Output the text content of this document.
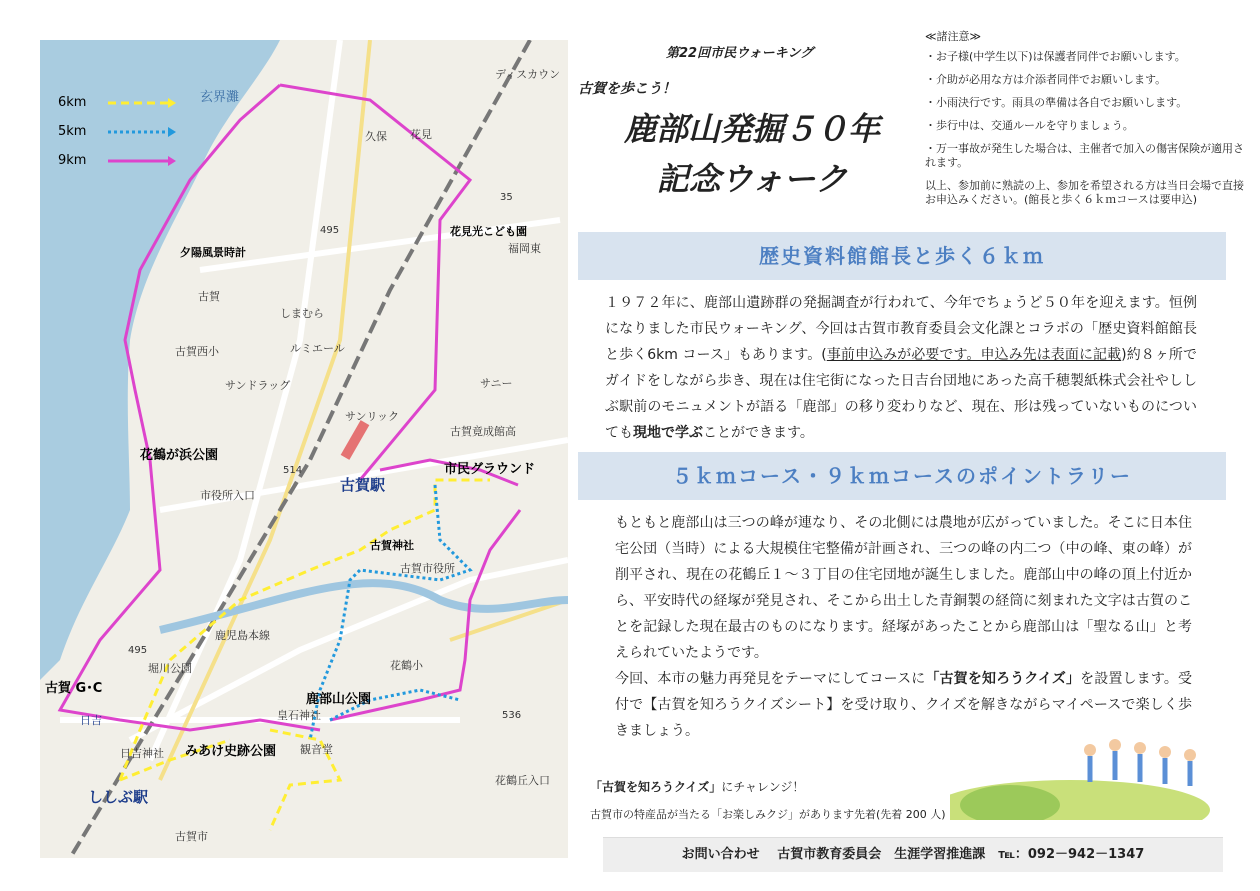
6km
5km
9km
玄界灘
ディスカウン
久保 花見
花見光こども園
福岡東
夕陽風景時計
古賀
しまむら
ルミエール
古賀西小
サンドラッグ	サニー
サンリック
花鶴が浜公園
古賀竟成館高
市民グラウンド
古賀駅
市役所入口
古賀神社
古賀市役所
鹿児島本線
堀川公園	花鶴小
古賀 G･C
鹿部山公園
皇石神社
日吉
日吉神社 みあけ史跡公園 観音堂
花鶴丘入口
ししぶ駅
古賀市
495
495
514
35
536
第22回市民ウォーキング
古賀を歩こう！
鹿部山発掘５０年
記念ウォーク
≪諸注意≫
・お子様(中学生以下)は保護者同伴でお願いします。
・介助が必用な方は介添者同伴でお願いします。
・小雨決行です。雨具の準備は各自でお願いします。
・歩行中は、交通ルールを守りましょう。
・万一事故が発生した場合は、主催者で加入の傷害保険が適用されます。
以上、参加前に熟読の上、参加を希望される方は当日会場で直接お申込みください。(館長と歩く６ｋｍコースは要申込)
歴史資料館館長と歩く６ｋｍ
１９７２年に、鹿部山遺跡群の発掘調査が行われて、今年でちょうど５０年を迎えます。恒例になりました市民ウォーキング、今回は古賀市教育委員会文化課とコラボの「歴史資料館館長と歩く6km コース」もあります。(事前申込みが必要です。申込み先は表面に記載)約８ヶ所でガイドをしながら歩き、現在は住宅街になった日吉台団地にあった高千穂製紙株式会社やししぶ駅前のモニュメントが語る「鹿部」の移り変わりなど、現在、形は残っていないものについても現地で学ぶことができます。
５ｋｍコース・９ｋｍコースのポイントラリー
もともと鹿部山は三つの峰が連なり、その北側には農地が広がっていました。そこに日本住宅公団（当時）による大規模住宅整備が計画され、三つの峰の内二つ（中の峰、東の峰）が削平され、現在の花鶴丘１～３丁目の住宅団地が誕生しました。鹿部山中の峰の頂上付近から、平安時代の経塚が発見され、そこから出土した青銅製の経筒に刻まれた文字は古賀のことを記録した現在最古のものになります。経塚があったことから鹿部山は「聖なる山」と考えられていたようです。
今回、本市の魅力再発見をテーマにしてコースに「古賀を知ろうクイズ」を設置します。受付で【古賀を知ろうクイズシート】を受け取り、クイズを解きながらマイペースで楽しく歩きましょう。
「古賀を知ろうクイズ」にチャレンジ！
古賀市の特産品が当たる「お楽しみクジ」があります先着(先着 200 人)
お問い合わせ　 古賀市教育委員会　生涯学習推進課　℡：092－942－1347
